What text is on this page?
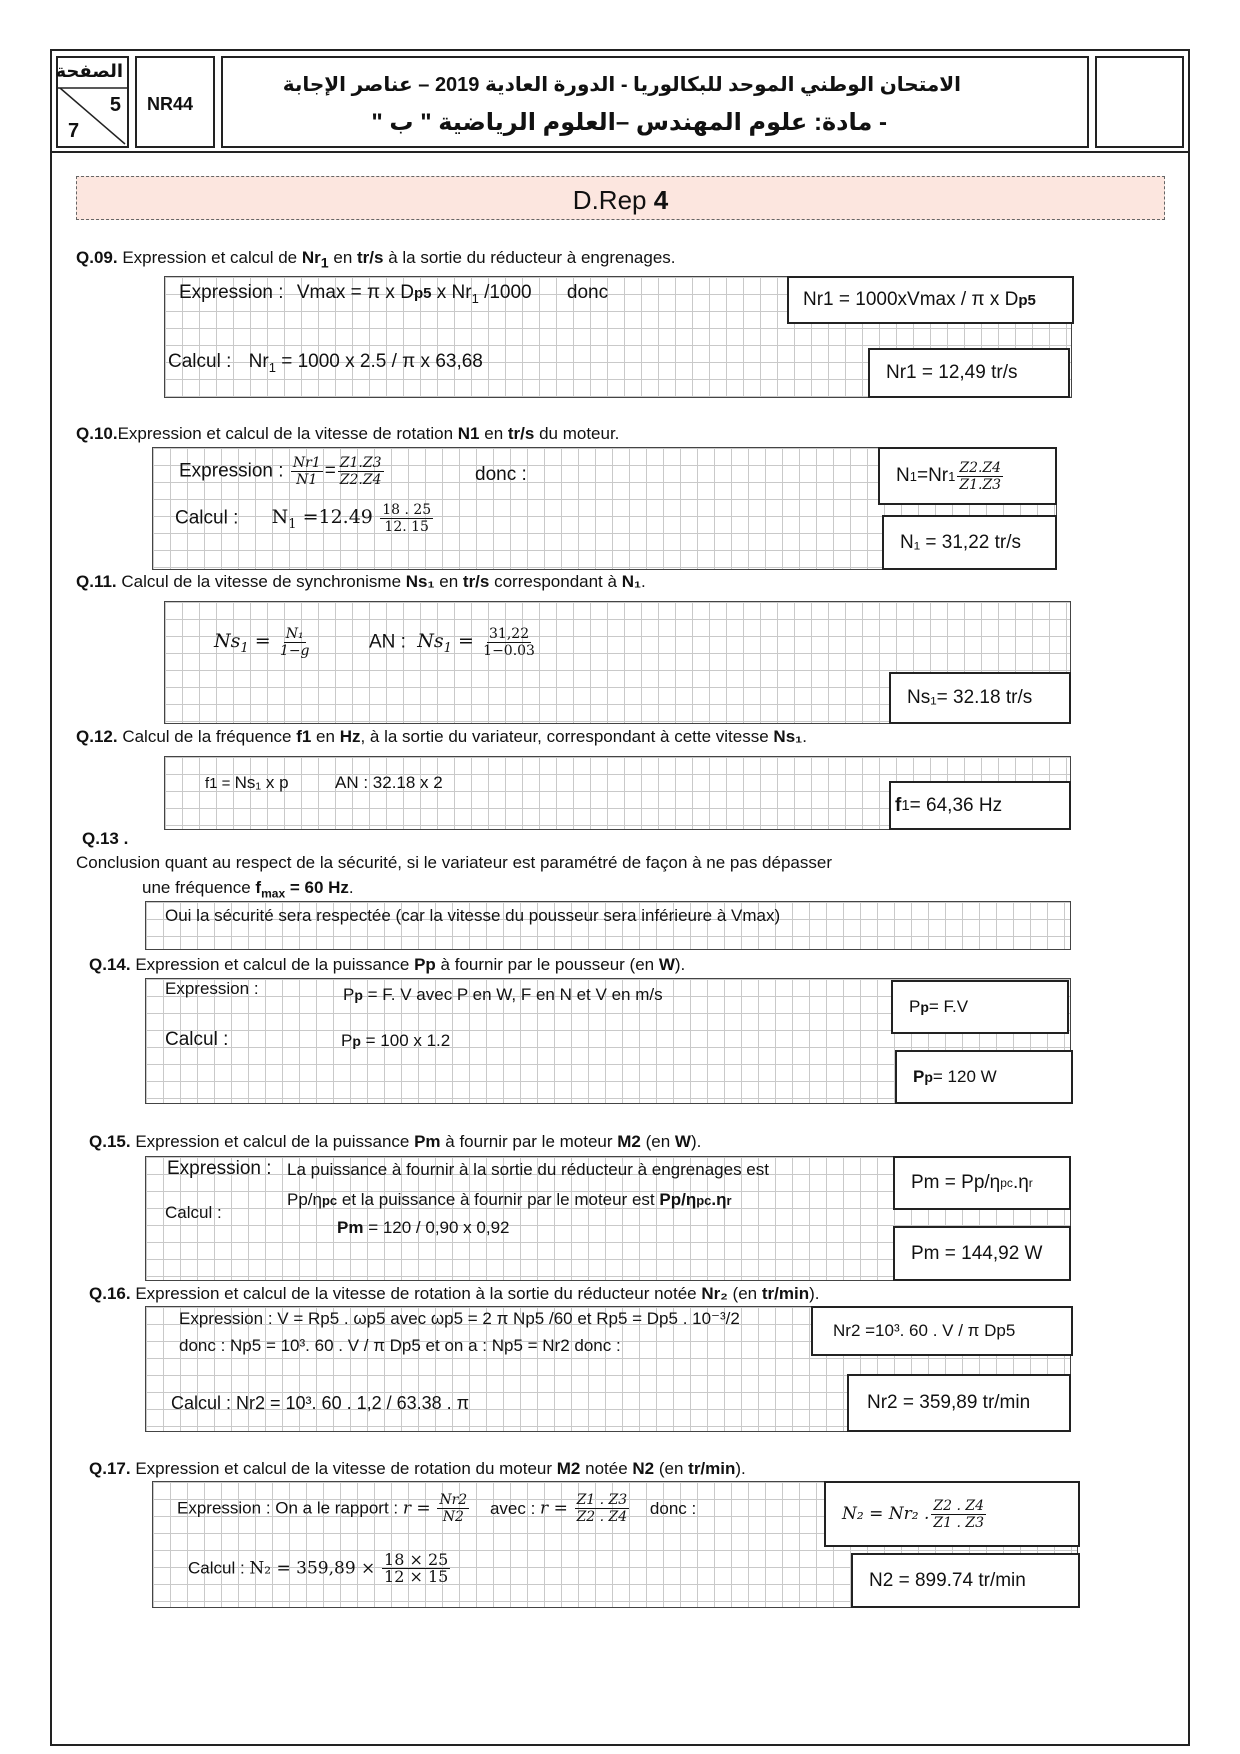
الصفحة
5
7
NR44
الامتحان الوطني الموحد للبكالوريا - الدورة العادية 2019 – عناصر الإجابة
- مادة: علوم المهندس –العلوم الرياضية " ب "
D.Rep 4
Q.09. Expression et calcul de $Nr_1$ en tr/s à la sortie du réducteur à engrenages.
Expression : Vmax = π x Dp5 x $Nr_1$ /1000 donc	Nr1 = 1000xVmax / π x D p5
Calcul : $Nr_1 = 1000$ x 2.5 / π x 63,68
Nr1 = 12,49 tr/s
Q.10.Expression et calcul de la vitesse de rotation N1 en tr/s du moteur.
Expression : $\frac{Nr1}{N1} = \frac{Z1.Z3}{Z2.Z4}$	donc :	N 1 =Nr $1 \frac{Z2.Z4}{Z1.Z3}$
Calcul : $N_1 =12.49 \frac{18 . 25}{12. 15}$
N₁ = 31,22 tr/s
Q.11. Calcul de la vitesse de synchronisme Ns₁ en tr/s correspondant à N₁.
$Ns_1 = \frac{\text{N₁}}{1-g}$	AN : $Ns_1 = \frac{31,22}{1-0.03}$
Ns₁= 32.18 tr/s
Q.12. Calcul de la fréquence f1 en Hz, à la sortie du variateur, correspondant à cette vitesse Ns₁.
f1 = Ns₁ x p	AN : 32.18 x 2
f 1 = 64,36 Hz
Q.13 .
Conclusion quant au respect de la sécurité, si le variateur est paramétré de façon à ne pas dépasser
une fréquence $f_{max} = 60$ Hz.
Oui la sécurité sera respectée (car la vitesse du pousseur sera inférieure à Vmax)
Q.14. Expression et calcul de la puissance Pp à fournir par le pousseur (en W).
Expression :	Pp = F. V avec P en W, F en N et V en m/s
Calcul :	Pp = 100 x 1.2
P p = F.V
P p = 120 W
Q.15. Expression et calcul de la puissance Pm à fournir par le moteur M2 (en W).
Expression : La puissance à fournir à la sortie du réducteur à engrenages est
Pp/ηpc et la puissance à fournir par le moteur est Pp/ηpc.ηr
Calcul :
Pm = 120 / 0,90 x 0,92
Pm = Pp/η pc .η r
Pm = 144,92 W
Q.16. Expression et calcul de la vitesse de rotation à la sortie du réducteur notée Nr₂ (en tr/min).
Expression : V = Rp5 . ωp5 avec ωp5 = 2 π Np5 /60 et Rp5 = Dp5 . 10⁻³/2
donc : Np5 = 10³. 60 . V / π Dp5 et on a : Np5 = Nr2 donc :
Calcul : Nr2 = 10³. 60 . 1,2 / 63.38 . π
Nr2 =10³. 60 . V / π Dp5
Nr2 = 359,89 tr/min
Q.17. Expression et calcul de la vitesse de rotation du moteur M2 notée N2 (en tr/min).
Expression : On a le rapport : $r = \frac{Nr2}{N2}$ avec : $r = \frac{Z1 . Z3}{Z2 . Z4}$ donc :	N₂ = Nr₂ . $\frac{Z2 . Z4}{Z1 . Z3}$
Calcul : $N_2 = 359,89 \times \frac{18 \times 25}{12 \times 15}$	N2 = 899.74 tr/min
